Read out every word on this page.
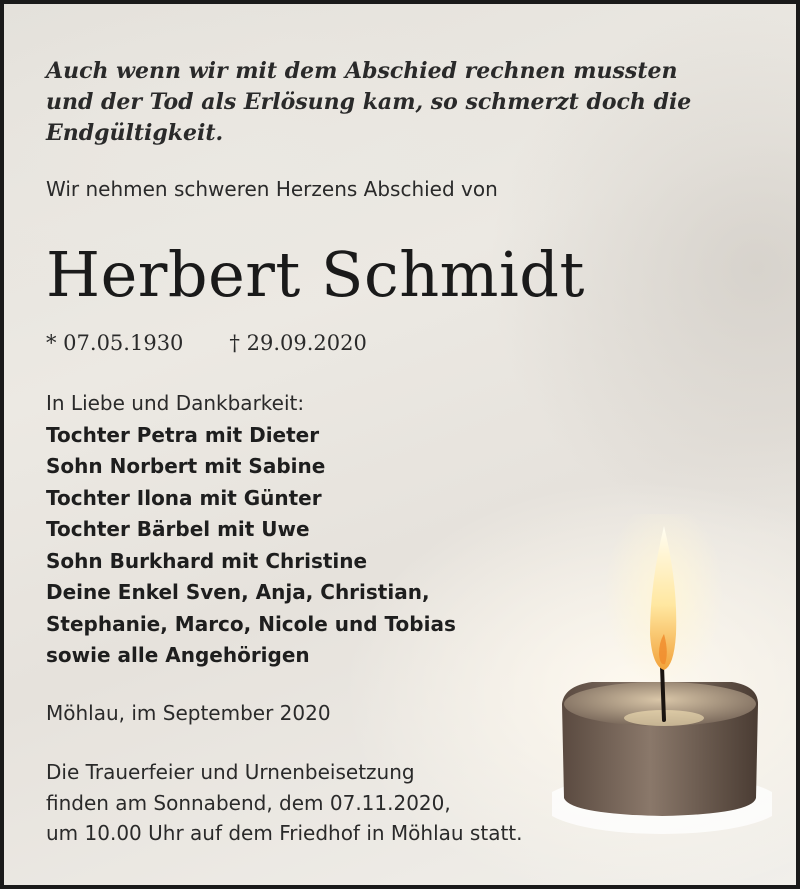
Auch wenn wir mit dem Abschied rechnen mussten
und der Tod als Erlösung kam, so schmerzt doch die
Endgültigkeit.
Wir nehmen schweren Herzens Abschied von
Herbert Schmidt
* 07.05.1930 † 29.09.2020
In Liebe und Dankbarkeit:
Tochter Petra mit Dieter
Sohn Norbert mit Sabine
Tochter Ilona mit Günter
Tochter Bärbel mit Uwe
Sohn Burkhard mit Christine
Deine Enkel Sven, Anja, Christian,
Stephanie, Marco, Nicole und Tobias
sowie alle Angehörigen
Möhlau, im September 2020
Die Trauerfeier und Urnenbeisetzung
finden am Sonnabend, dem 07.11.2020,
um 10.00 Uhr auf dem Friedhof in Möhlau statt.
